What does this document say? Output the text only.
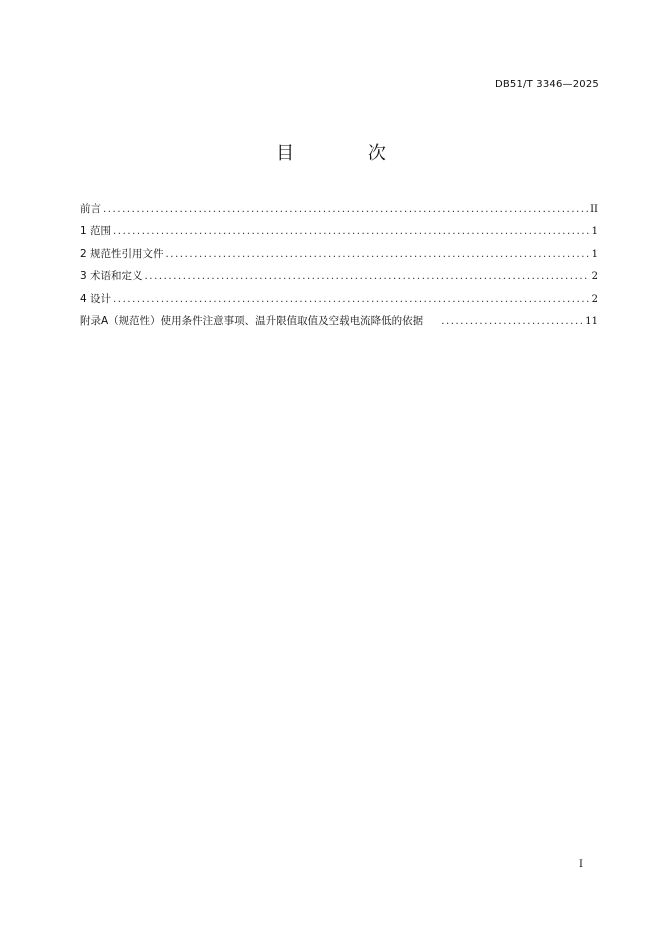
DB51/T 3346—2025
目 次
前言 .....	II
1 范围 .....	1
2 规范性引用文件 .....	1
3 术语和定义 .....	2
4 设计 .....	2
附录A（规范性）使用条件注意事项、温升限值取值及空载电流降低的依据 .....	11
I
